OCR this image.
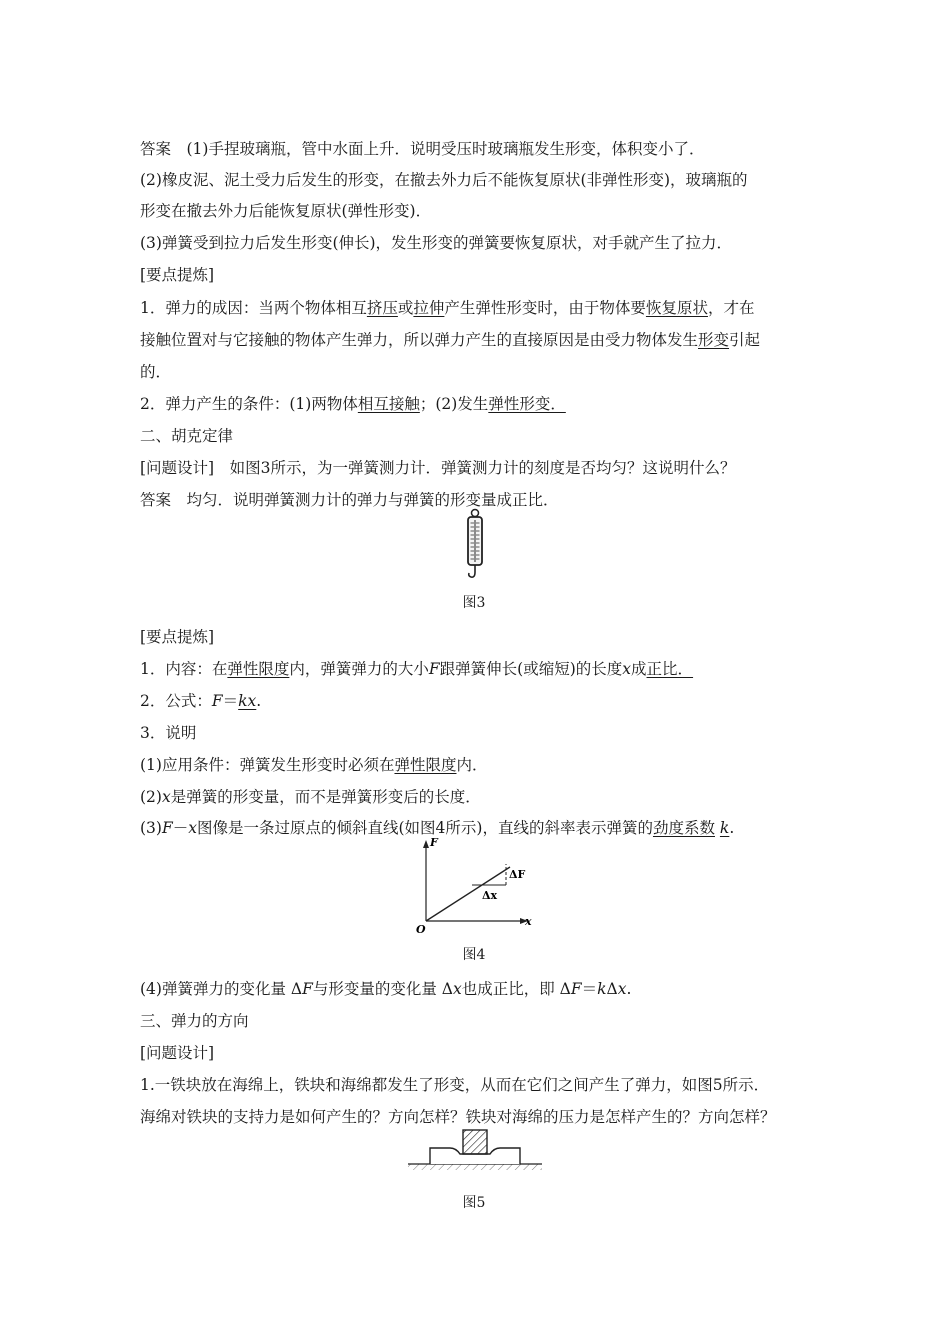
答案　(1)手捏玻璃瓶，管中水面上升．说明受压时玻璃瓶发生形变，体积变小了．
(2)橡皮泥、泥土受力后发生的形变，在撤去外力后不能恢复原状(非弹性形变)，玻璃瓶的
形变在撤去外力后能恢复原状(弹性形变)．
(3)弹簧受到拉力后发生形变(伸长)，发生形变的弹簧要恢复原状，对手就产生了拉力．
[要点提炼]
1．弹力的成因：当两个物体相互挤压或拉伸产生弹性形变时，由于物体要恢复原状，才在
接触位置对与它接触的物体产生弹力，所以弹力产生的直接原因是由受力物体发生形变引起
的．
2．弹力产生的条件：(1)两物体相互接触；(2)发生弹性形变．
二、胡克定律
[问题设计]　如图3所示，为一弹簧测力计．弹簧测力计的刻度是否均匀？这说明什么？
答案　均匀．说明弹簧测力计的弹力与弹簧的形变量成正比．
图3
[要点提炼]
1．内容：在弹性限度内，弹簧弹力的大小F跟弹簧伸长(或缩短)的长度x成正比．
2．公式：F＝kx.
3．说明
(1)应用条件：弹簧发生形变时必须在弹性限度内．
(2)x是弹簧的形变量，而不是弹簧形变后的长度．
(3)F－x图像是一条过原点的倾斜直线(如图4所示)，直线的斜率表示弹簧的劲度系数 k.
F
x
O
ΔF
Δx
图4
(4)弹簧弹力的变化量 ΔF与形变量的变化量 Δx也成正比，即 ΔF＝kΔx.
三、弹力的方向
[问题设计]
1.一铁块放在海绵上，铁块和海绵都发生了形变，从而在它们之间产生了弹力，如图5所示．
海绵对铁块的支持力是如何产生的？方向怎样？铁块对海绵的压力是怎样产生的？方向怎样？
图5
